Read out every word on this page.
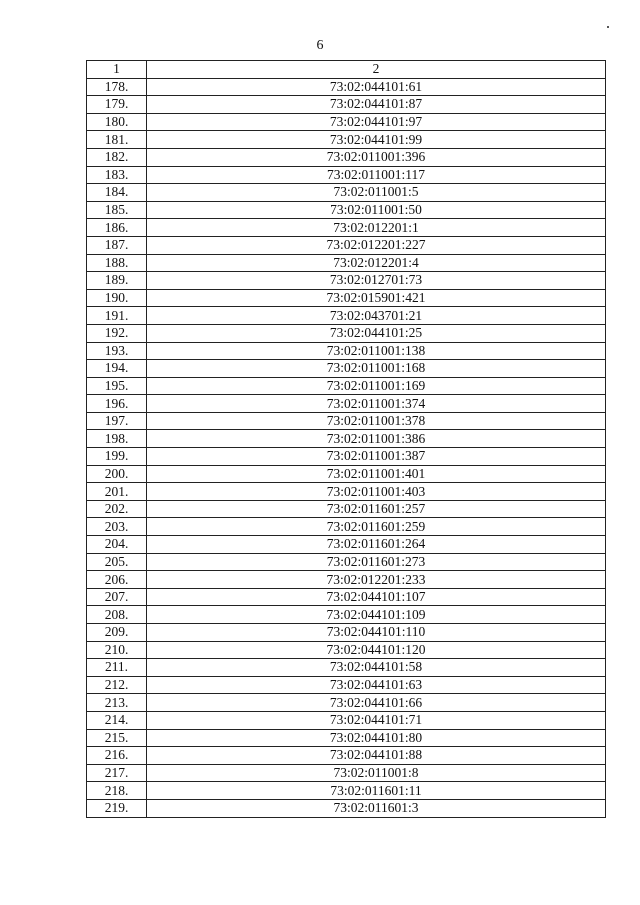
6
1	2
178.	73:02:044101:61
179.	73:02:044101:87
180.	73:02:044101:97
181.	73:02:044101:99
182.	73:02:011001:396
183.	73:02:011001:117
184.	73:02:011001:5
185.	73:02:011001:50
186.	73:02:012201:1
187.	73:02:012201:227
188.	73:02:012201:4
189.	73:02:012701:73
190.	73:02:015901:421
191.	73:02:043701:21
192.	73:02:044101:25
193.	73:02:011001:138
194.	73:02:011001:168
195.	73:02:011001:169
196.	73:02:011001:374
197.	73:02:011001:378
198.	73:02:011001:386
199.	73:02:011001:387
200.	73:02:011001:401
201.	73:02:011001:403
202.	73:02:011601:257
203.	73:02:011601:259
204.	73:02:011601:264
205.	73:02:011601:273
206.	73:02:012201:233
207.	73:02:044101:107
208.	73:02:044101:109
209.	73:02:044101:110
210.	73:02:044101:120
211.	73:02:044101:58
212.	73:02:044101:63
213.	73:02:044101:66
214.	73:02:044101:71
215.	73:02:044101:80
216.	73:02:044101:88
217.	73:02:011001:8
218.	73:02:011601:11
219.	73:02:011601:3
